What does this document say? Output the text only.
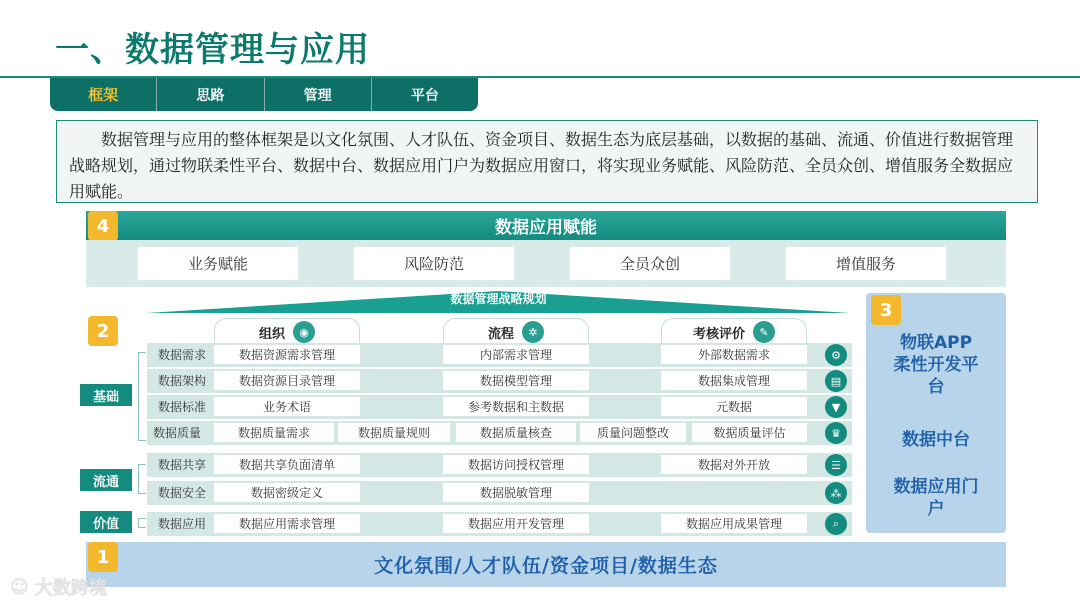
一、数据管理与应用
框架	思路	管理	平台
数据管理与应用的整体框架是以文化氛围、人才队伍、资金项目、数据生态为底层基础，以数据的基础、流通、价值进行数据管理战略规划，通过物联柔性平台、数据中台、数据应用门户为数据应用窗口，将实现业务赋能、风险防范、全员众创、增值服务全数据应用赋能。
数据应用赋能
4
业务赋能	风险防范	全员众创	增值服务
3
物联APP
柔性开发平
台
数据中台
数据应用门
户
数据管理战略规划
2	组织	◉	流程	✲	考核评价	✎
数据需求	数据资源需求管理	内部需求管理	外部数据需求	⚙
数据架构	数据资源目录管理	数据模型管理	数据集成管理	▤
数据标准	业务术语	参考数据和主数据	元数据	▼
数据质量	数据质量需求	数据质量规则	数据质量核查	质量问题整改	数据质量评估	♛
数据共享	数据共享负面清单	数据访问授权管理	数据对外开放	☰
数据安全	数据密级定义	数据脱敏管理	⁂
数据应用	数据应用需求管理	数据应用开发管理	数据应用成果管理	⌕
基础
流通
价值
文化氛围/人才队伍/资金项目/数据生态
1
☺ 大数跨境
